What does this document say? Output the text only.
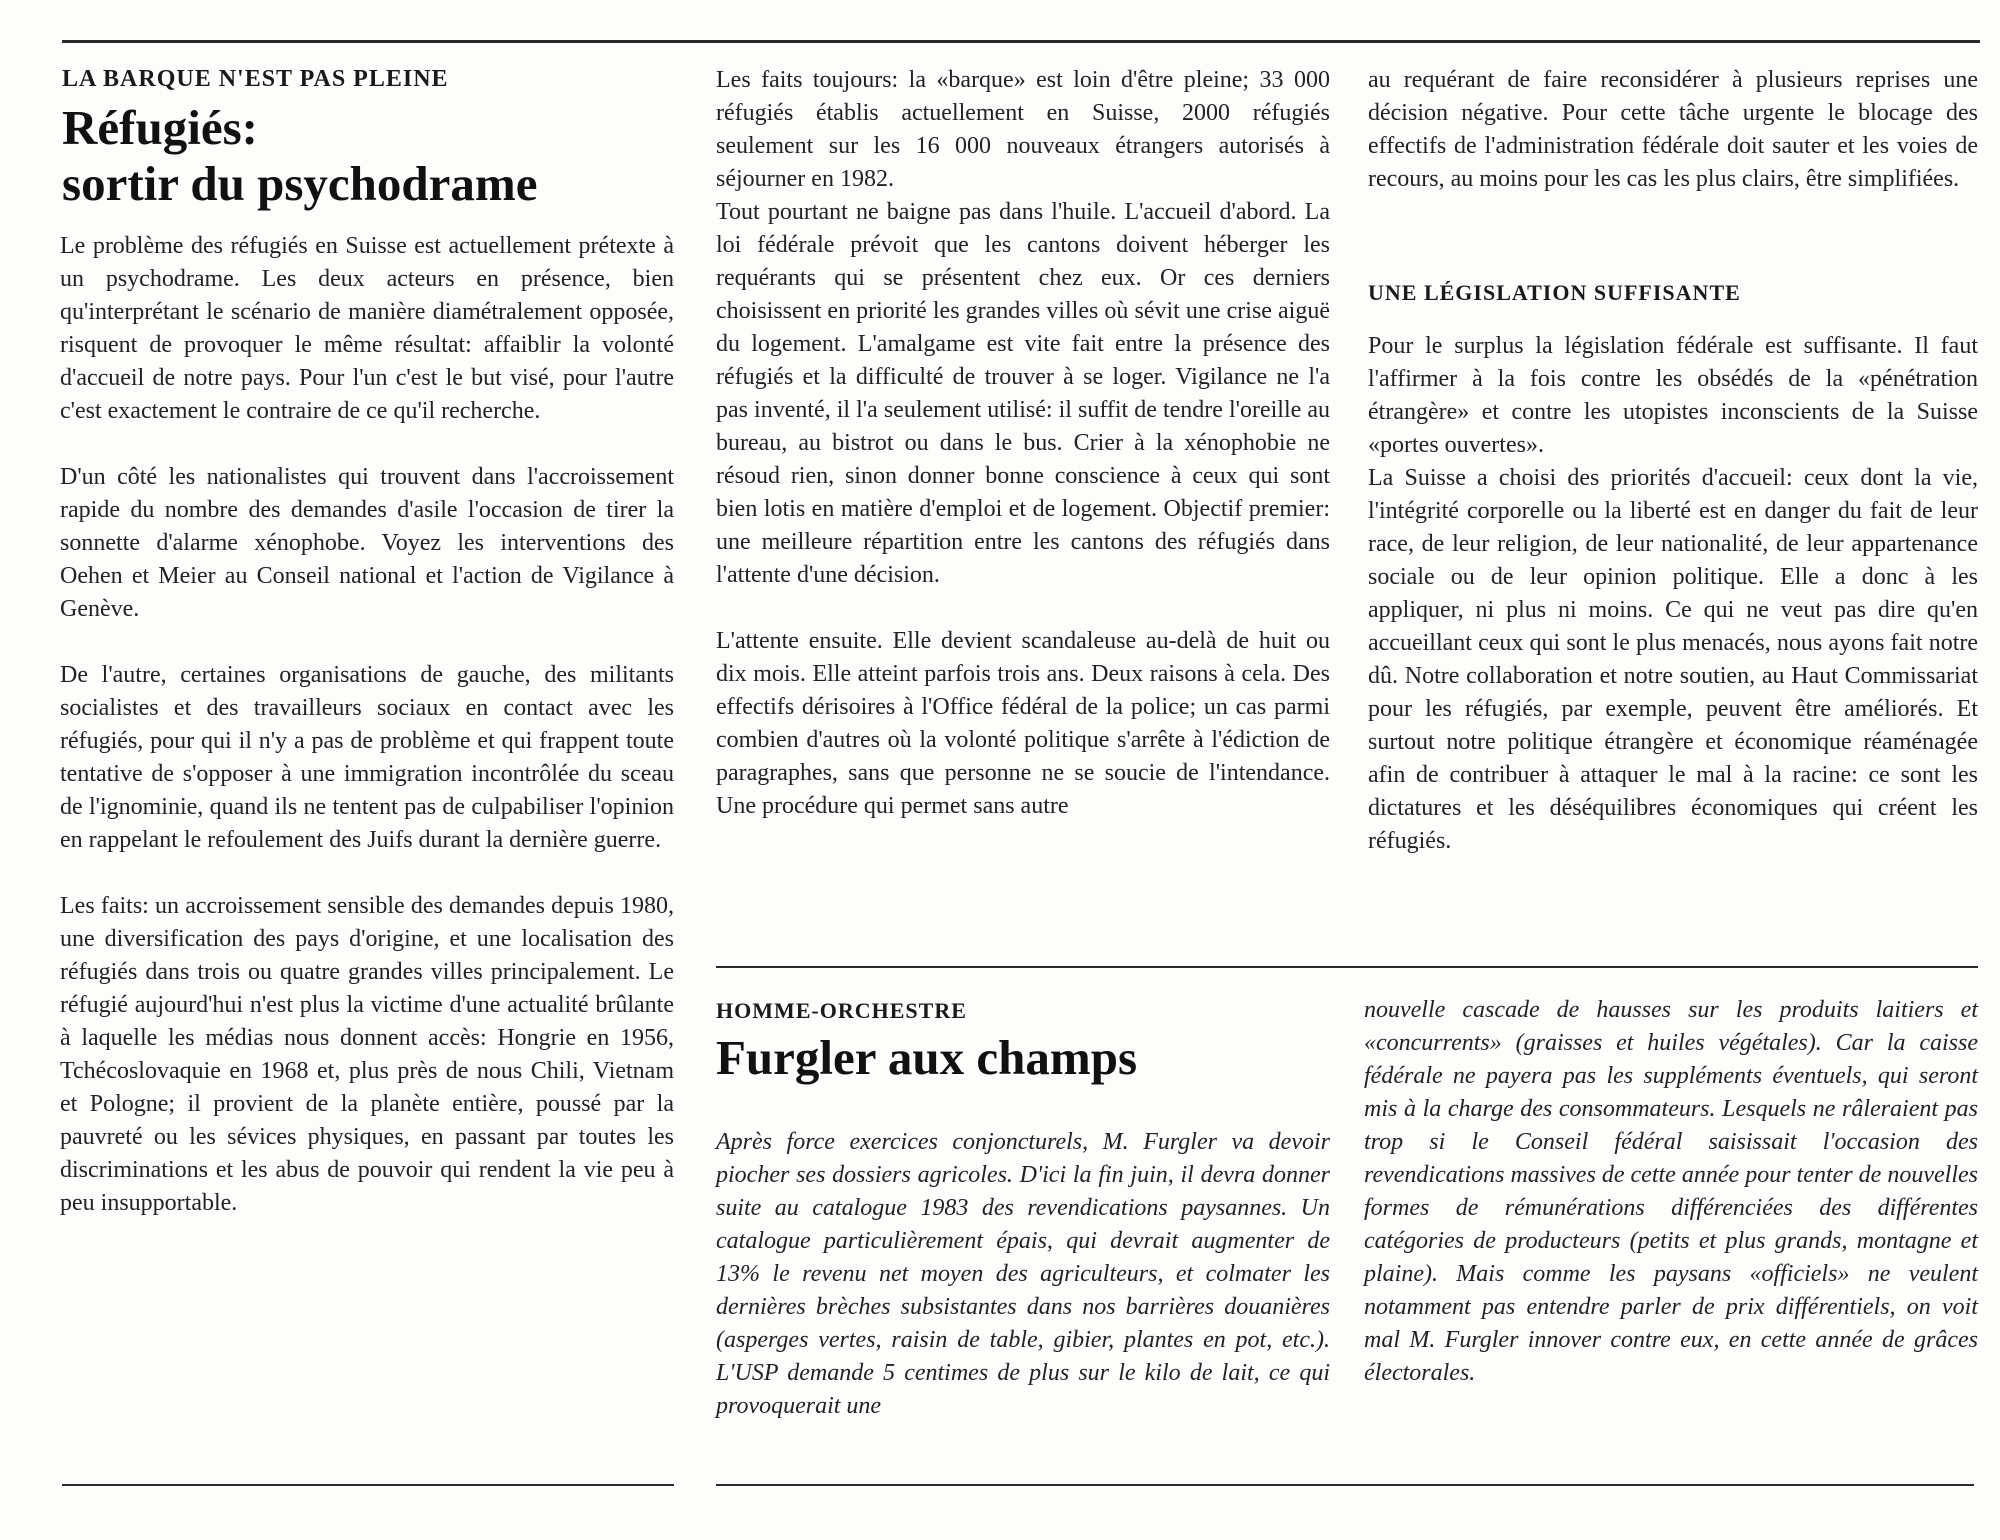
LA BARQUE N'EST PAS PLEINE
Réfugiés:
sortir du psychodrame

Le problème des réfugiés en Suisse est actuellement prétexte à un psychodrame. Les deux acteurs en présence, bien qu'interprétant le scénario de manière diamétralement opposée, risquent de provoquer le même résultat: affaiblir la volonté d'accueil de notre pays. Pour l'un c'est le but visé, pour l'autre c'est exactement le contraire de ce qu'il recherche.

D'un côté les nationalistes qui trouvent dans l'accroissement rapide du nombre des demandes d'asile l'occasion de tirer la sonnette d'alarme xénophobe. Voyez les interventions des Oehen et Meier au Conseil national et l'action de Vigilance à Genève.

De l'autre, certaines organisations de gauche, des militants socialistes et des travailleurs sociaux en contact avec les réfugiés, pour qui il n'y a pas de problème et qui frappent toute tentative de s'opposer à une immigration incontrôlée du sceau de l'ignominie, quand ils ne tentent pas de culpabiliser l'opinion en rappelant le refoulement des Juifs durant la dernière guerre.

Les faits: un accroissement sensible des demandes depuis 1980, une diversification des pays d'origine, et une localisation des réfugiés dans trois ou quatre grandes villes principalement. Le réfugié aujourd'hui n'est plus la victime d'une actualité brûlante à laquelle les médias nous donnent accès: Hongrie en 1956, Tchécoslovaquie en 1968 et, plus près de nous Chili, Vietnam et Pologne; il provient de la planète entière, poussé par la pauvreté ou les sévices physiques, en passant par toutes les discriminations et les abus de pouvoir qui rendent la vie peu à peu insupportable.

Les faits toujours: la «barque» est loin d'être pleine; 33 000 réfugiés établis actuellement en Suisse, 2000 réfugiés seulement sur les 16 000 nouveaux étrangers autorisés à séjourner en 1982.

Tout pourtant ne baigne pas dans l'huile. L'accueil d'abord. La loi fédérale prévoit que les cantons doivent héberger les requérants qui se présentent chez eux. Or ces derniers choisissent en priorité les grandes villes où sévit une crise aiguë du logement. L'amalgame est vite fait entre la présence des réfugiés et la difficulté de trouver à se loger. Vigilance ne l'a pas inventé, il l'a seulement utilisé: il suffit de tendre l'oreille au bureau, au bistrot ou dans le bus. Crier à la xénophobie ne résoud rien, sinon donner bonne conscience à ceux qui sont bien lotis en matière d'emploi et de logement. Objectif premier: une meilleure répartition entre les cantons des réfugiés dans l'attente d'une décision.

L'attente ensuite. Elle devient scandaleuse au-delà de huit ou dix mois. Elle atteint parfois trois ans. Deux raisons à cela. Des effectifs dérisoires à l'Office fédéral de la police; un cas parmi combien d'autres où la volonté politique s'arrête à l'édiction de paragraphes, sans que personne ne se soucie de l'intendance. Une procédure qui permet sans autre

au requérant de faire reconsidérer à plusieurs reprises une décision négative. Pour cette tâche urgente le blocage des effectifs de l'administration fédérale doit sauter et les voies de recours, au moins pour les cas les plus clairs, être simplifiées.

UNE LÉGISLATION SUFFISANTE

Pour le surplus la législation fédérale est suffisante. Il faut l'affirmer à la fois contre les obsédés de la «pénétration étrangère» et contre les utopistes inconscients de la Suisse «portes ouvertes».

La Suisse a choisi des priorités d'accueil: ceux dont la vie, l'intégrité corporelle ou la liberté est en danger du fait de leur race, de leur religion, de leur nationalité, de leur appartenance sociale ou de leur opinion politique. Elle a donc à les appliquer, ni plus ni moins. Ce qui ne veut pas dire qu'en accueillant ceux qui sont le plus menacés, nous ayons fait notre dû. Notre collaboration et notre soutien, au Haut Commissariat pour les réfugiés, par exemple, peuvent être améliorés. Et surtout notre politique étrangère et économique réaménagée afin de contribuer à attaquer le mal à la racine: ce sont les dictatures et les déséquilibres économiques qui créent les réfugiés.

HOMME-ORCHESTRE
Furgler aux champs

Après force exercices conjoncturels, M. Furgler va devoir piocher ses dossiers agricoles. D'ici la fin juin, il devra donner suite au catalogue 1983 des revendications paysannes. Un catalogue particulièrement épais, qui devrait augmenter de 13% le revenu net moyen des agriculteurs, et colmater les dernières brèches subsistantes dans nos barrières douanières (asperges vertes, raisin de table, gibier, plantes en pot, etc.). L'USP demande 5 centimes de plus sur le kilo de lait, ce qui provoquerait une

nouvelle cascade de hausses sur les produits laitiers et «concurrents» (graisses et huiles végétales). Car la caisse fédérale ne payera pas les suppléments éventuels, qui seront mis à la charge des consommateurs. Lesquels ne râleraient pas trop si le Conseil fédéral saisissait l'occasion des revendications massives de cette année pour tenter de nouvelles formes de rémunérations différenciées des différentes catégories de producteurs (petits et plus grands, montagne et plaine). Mais comme les paysans «officiels» ne veulent notamment pas entendre parler de prix différentiels, on voit mal M. Furgler innover contre eux, en cette année de grâces électorales.
